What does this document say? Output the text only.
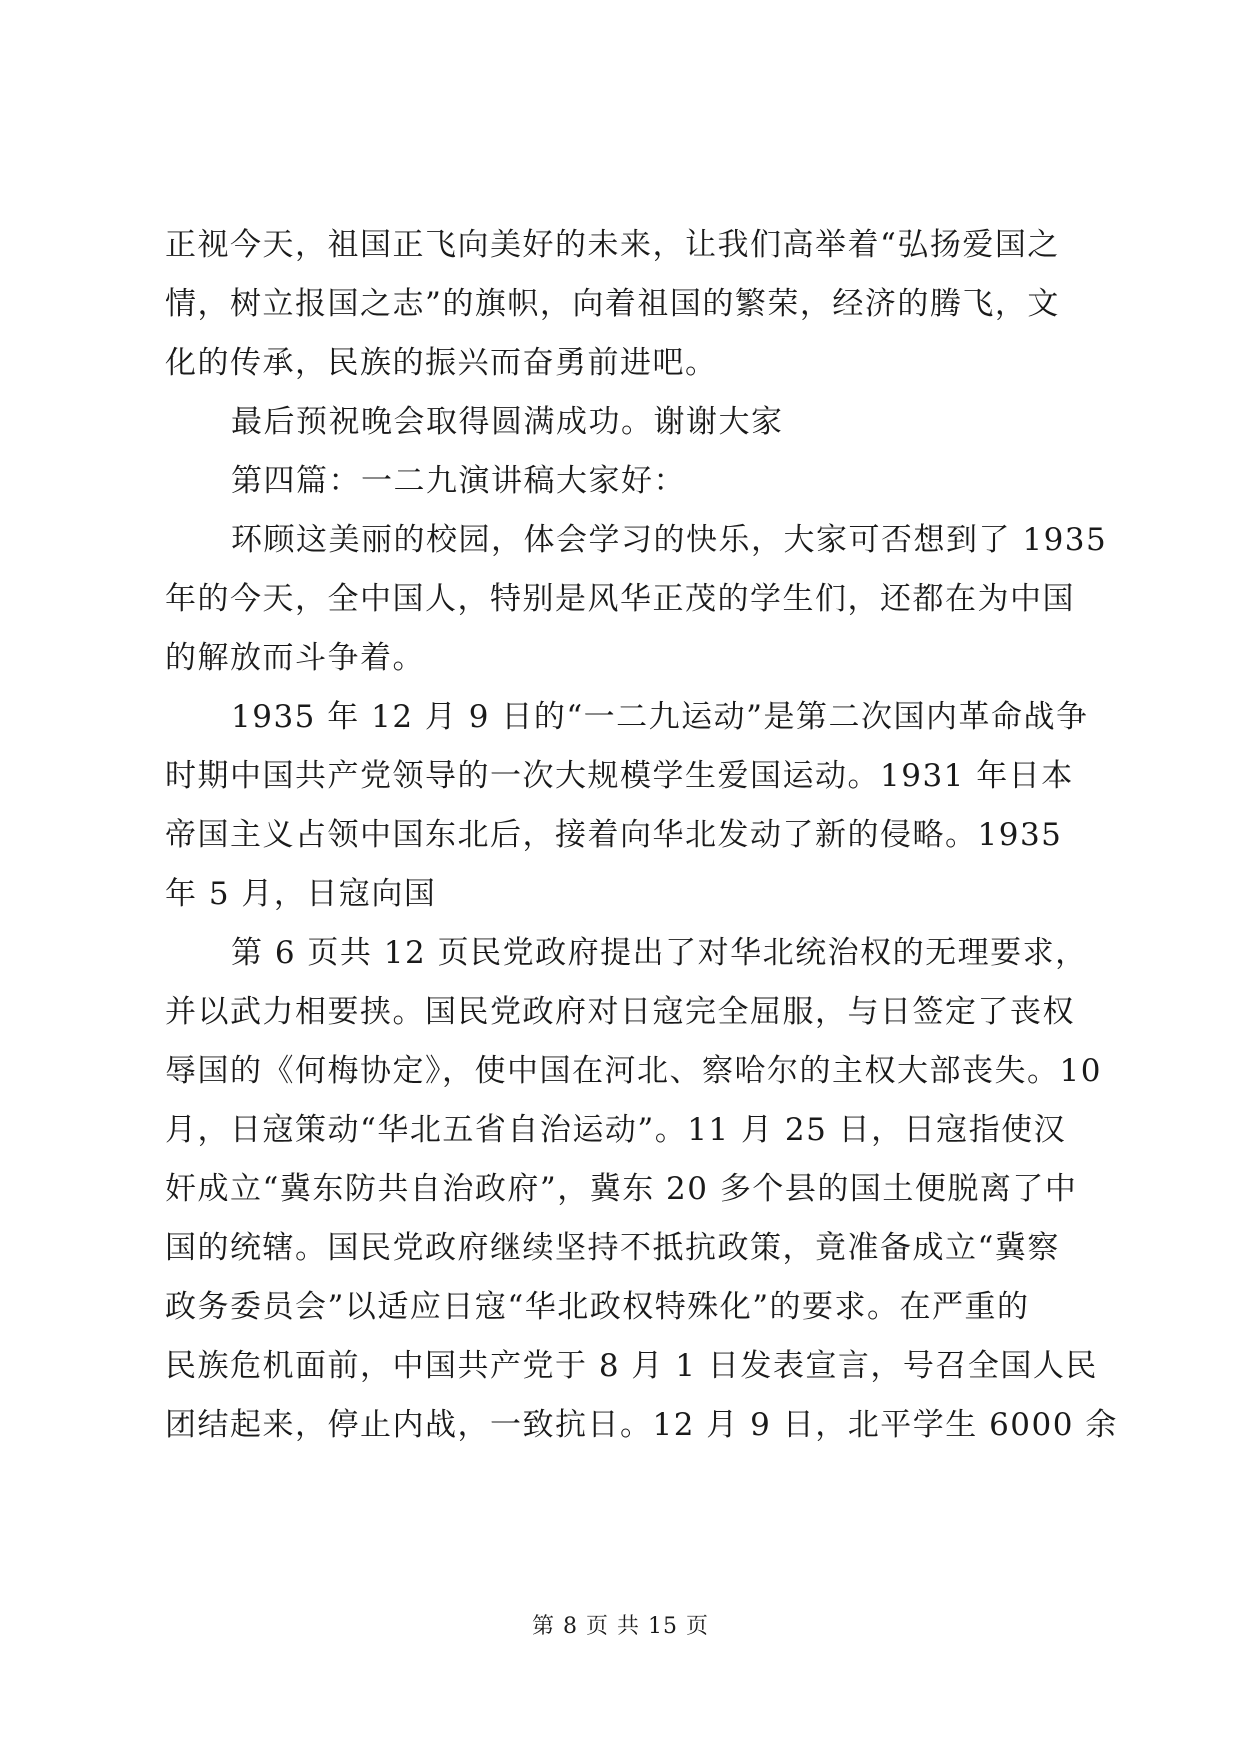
正视今天，祖国正飞向美好的未来，让我们高举着“弘扬爱国之
情，树立报国之志”的旗帜，向着祖国的繁荣，经济的腾飞，文
化的传承，民族的振兴而奋勇前进吧。
最后预祝晚会取得圆满成功。谢谢大家
第四篇：一二九演讲稿大家好：
环顾这美丽的校园，体会学习的快乐，大家可否想到了 1935
年的今天，全中国人，特别是风华正茂的学生们，还都在为中国
的解放而斗争着。
1935 年 12 月 9 日的“一二九运动”是第二次国内革命战争
时期中国共产党领导的一次大规模学生爱国运动。1931 年日本
帝国主义占领中国东北后，接着向华北发动了新的侵略。1935
年 5 月，日寇向国
第 6 页共 12 页民党政府提出了对华北统治权的无理要求，
并以武力相要挟。国民党政府对日寇完全屈服，与日签定了丧权
辱国的《何梅协定》，使中国在河北、察哈尔的主权大部丧失。10
月，日寇策动“华北五省自治运动”。11 月 25 日，日寇指使汉
奸成立“冀东防共自治政府”，冀东 20 多个县的国土便脱离了中
国的统辖。国民党政府继续坚持不抵抗政策，竟准备成立“冀察
政务委员会”以适应日寇“华北政权特殊化”的要求。在严重的
民族危机面前，中国共产党于 8 月 1 日发表宣言，号召全国人民
团结起来，停止内战，一致抗日。12 月 9 日，北平学生 6000 余
第 8 页 共 15 页
